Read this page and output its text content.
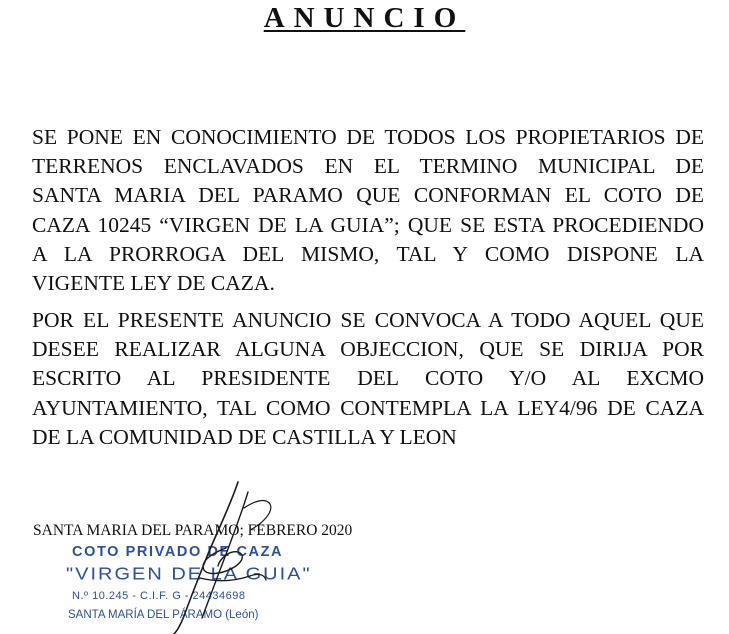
ANUNCIO
SE PONE EN CONOCIMIENTO DE TODOS LOS PROPIETARIOS DE
TERRENOS ENCLAVADOS EN EL TERMINO MUNICIPAL DE
SANTA MARIA DEL PARAMO QUE CONFORMAN EL COTO DE
CAZA 10245 “VIRGEN DE LA GUIA”; QUE SE ESTA PROCEDIENDO
A LA PRORROGA DEL MISMO, TAL Y COMO DISPONE LA
VIGENTE LEY DE CAZA.
POR EL PRESENTE ANUNCIO SE CONVOCA A TODO AQUEL QUE
DESEE REALIZAR ALGUNA OBJECCION, QUE SE DIRIJA POR
ESCRITO AL PRESIDENTE DEL COTO Y/O AL EXCMO
AYUNTAMIENTO, TAL COMO CONTEMPLA LA LEY4/96 DE CAZA
DE LA COMUNIDAD DE CASTILLA Y LEON
SANTA MARIA DEL PARAMO; FEBRERO 2020
COTO PRIVADO DE CAZA
"VIRGEN DE LA GUIA"
N.º 10.245 - C.I.F. G - 24434698
SANTA MARÍA DEL PÁRAMO (León)
